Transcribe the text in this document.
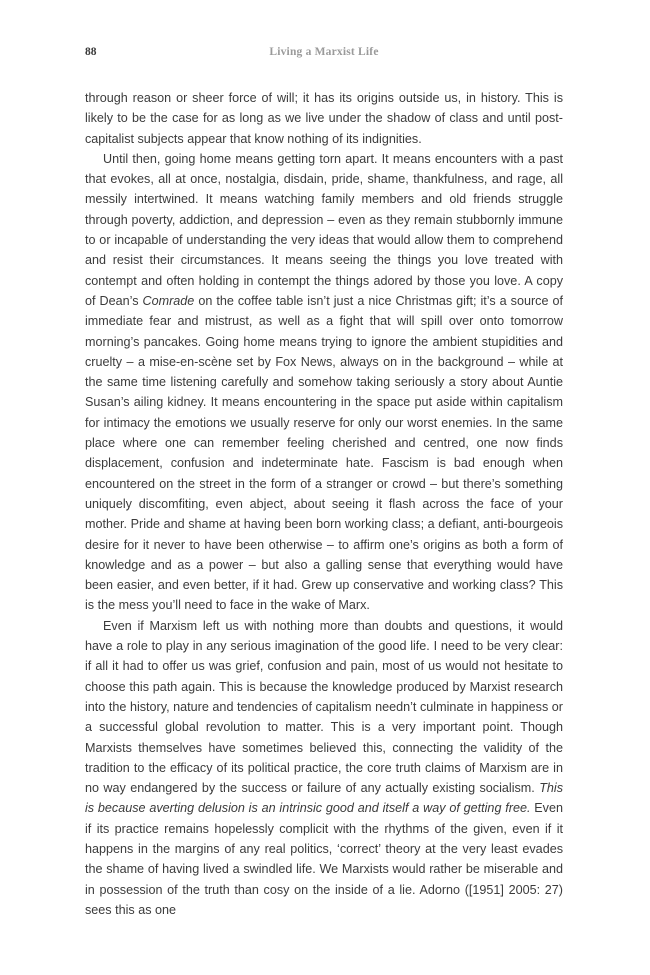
88	Living a Marxist Life

through reason or sheer force of will; it has its origins outside us, in history. This is likely to be the case for as long as we live under the shadow of class and until post-capitalist subjects appear that know nothing of its indignities.

Until then, going home means getting torn apart. It means encounters with a past that evokes, all at once, nostalgia, disdain, pride, shame, thankfulness, and rage, all messily intertwined. It means watching family members and old friends struggle through poverty, addiction, and depression – even as they remain stubbornly immune to or incapable of understanding the very ideas that would allow them to comprehend and resist their circumstances. It means seeing the things you love treated with contempt and often holding in contempt the things adored by those you love. A copy of Dean’s Comrade on the coffee table isn’t just a nice Christmas gift; it’s a source of immediate fear and mistrust, as well as a fight that will spill over onto tomorrow morning’s pancakes. Going home means trying to ignore the ambient stupidities and cruelty – a mise-en-scène set by Fox News, always on in the background – while at the same time listening carefully and somehow taking seriously a story about Auntie Susan’s ailing kidney. It means encountering in the space put aside within capitalism for intimacy the emotions we usually reserve for only our worst enemies. In the same place where one can remember feeling cherished and centred, one now finds displacement, confusion and indeterminate hate. Fascism is bad enough when encountered on the street in the form of a stranger or crowd – but there’s something uniquely discomfiting, even abject, about seeing it flash across the face of your mother. Pride and shame at having been born working class; a defiant, anti-bourgeois desire for it never to have been otherwise – to affirm one’s origins as both a form of knowledge and as a power – but also a galling sense that everything would have been easier, and even better, if it had. Grew up conservative and working class? This is the mess you’ll need to face in the wake of Marx.

Even if Marxism left us with nothing more than doubts and questions, it would have a role to play in any serious imagination of the good life. I need to be very clear: if all it had to offer us was grief, confusion and pain, most of us would not hesitate to choose this path again. This is because the knowledge produced by Marxist research into the history, nature and tendencies of capitalism needn’t culminate in happiness or a successful global revolution to matter. This is a very important point. Though Marxists themselves have sometimes believed this, connecting the validity of the tradition to the efficacy of its political practice, the core truth claims of Marxism are in no way endangered by the success or failure of any actually existing socialism. This is because averting delusion is an intrinsic good and itself a way of getting free. Even if its practice remains hopelessly complicit with the rhythms of the given, even if it happens in the margins of any real politics, ‘correct’ theory at the very least evades the shame of having lived a swindled life. We Marxists would rather be miserable and in possession of the truth than cosy on the inside of a lie. Adorno ([1951] 2005: 27) sees this as one
